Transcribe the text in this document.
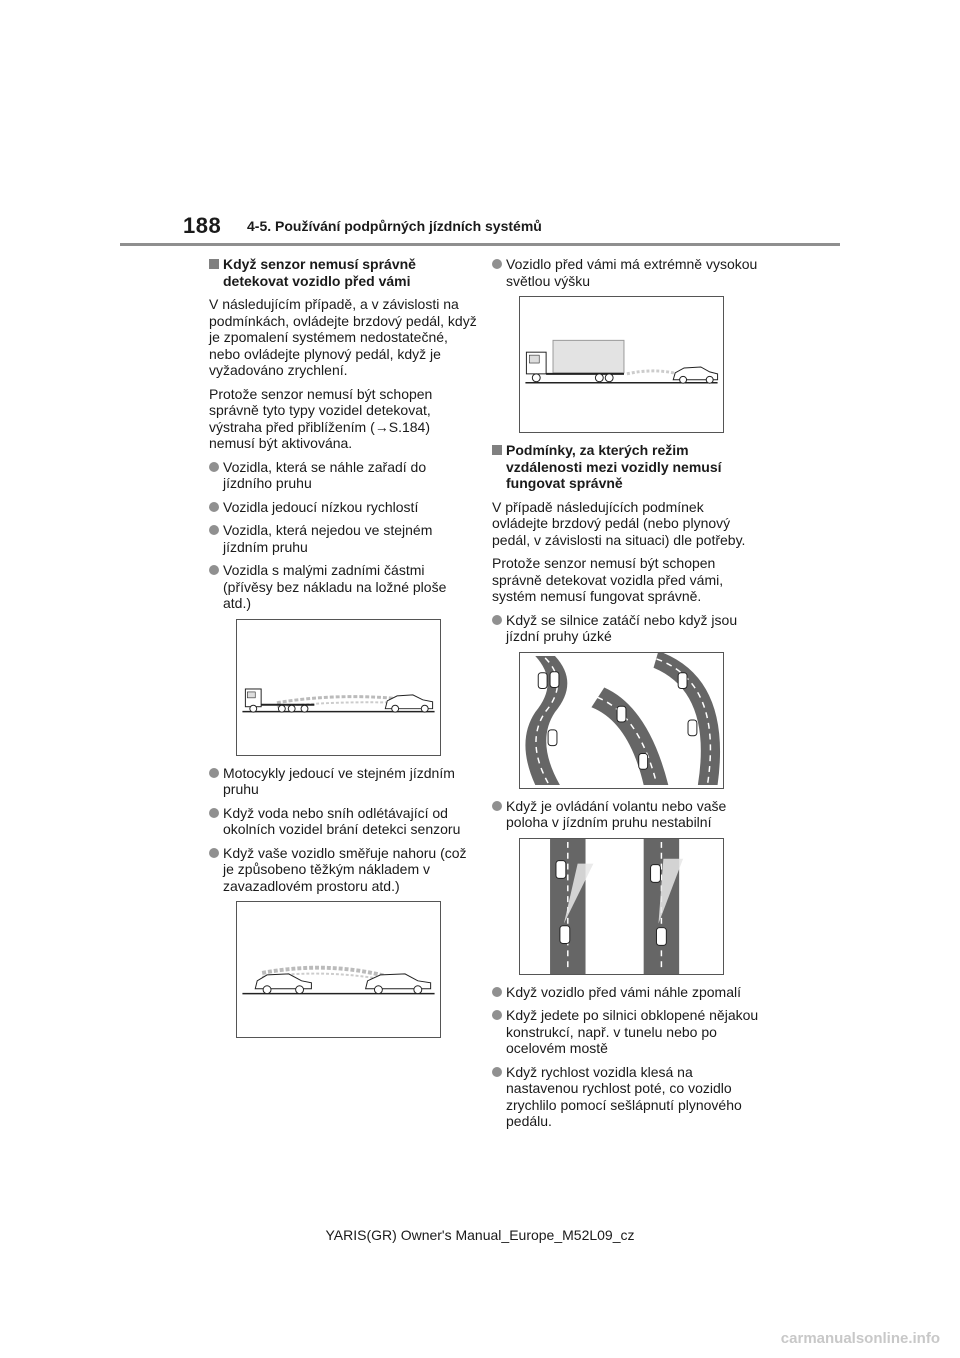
188 4-5. Používání podpůrných jízdních systémů
Když senzor nemusí správně detekovat vozidlo před vámi
V následujícím případě, a v závislosti na podmínkách, ovládejte brzdový pedál, když je zpomalení systémem nedostatečné, nebo ovládejte plynový pedál, když je vyžadováno zrychlení.
Protože senzor nemusí být schopen správně tyto typy vozidel detekovat, výstraha před přiblížením (→S.184) nemusí být aktivována.
Vozidla, která se náhle zařadí do jízdního pruhu
Vozidla jedoucí nízkou rychlostí
Vozidla, která nejedou ve stejném jízdním pruhu
Vozidla s malými zadními částmi (přívěsy bez nákladu na ložné ploše atd.)
Motocykly jedoucí ve stejném jízdním pruhu
Když voda nebo sníh odlétávající od okolních vozidel brání detekci senzoru
Když vaše vozidlo směřuje nahoru (což je způsobeno těžkým nákladem v zavazadlovém prostoru atd.)
Vozidlo před vámi má extrémně vysokou světlou výšku
Podmínky, za kterých režim vzdálenosti mezi vozidly nemusí fungovat správně
V případě následujících podmínek ovládejte brzdový pedál (nebo plynový pedál, v závislosti na situaci) dle potřeby.
Protože senzor nemusí být schopen správně detekovat vozidla před vámi, systém nemusí fungovat správně.
Když se silnice zatáčí nebo když jsou jízdní pruhy úzké
Když je ovládání volantu nebo vaše poloha v jízdním pruhu nestabilní
Když vozidlo před vámi náhle zpomalí
Když jedete po silnici obklopené nějakou konstrukcí, např. v tunelu nebo po ocelovém mostě
Když rychlost vozidla klesá na nastavenou rychlost poté, co vozidlo zrychlilo pomocí sešlápnutí plynového pedálu.
YARIS(GR) Owner's Manual_Europe_M52L09_cz
carmanualsonline.info
